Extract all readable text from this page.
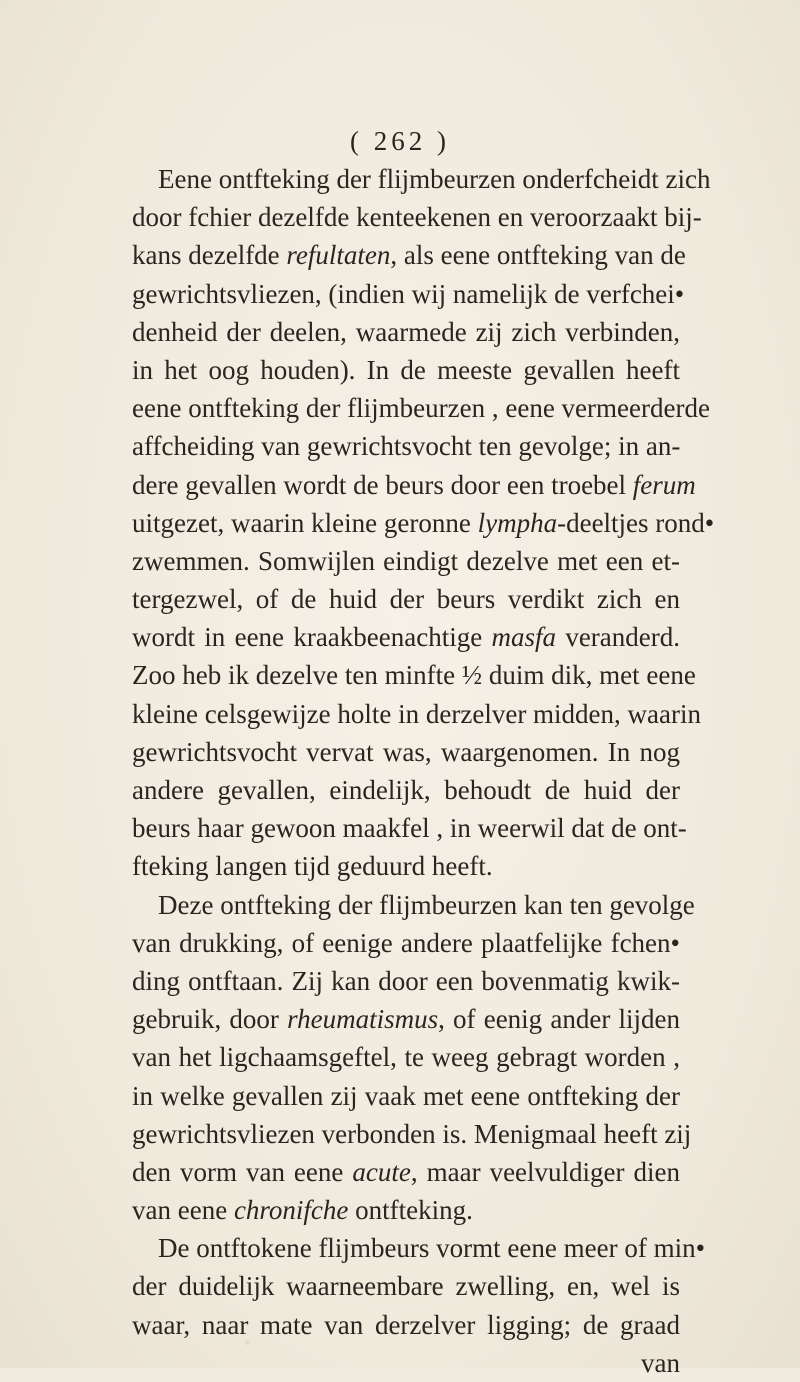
( 262 )
Eene ontfteking der flijmbeurzen onderfcheidt zich
door fchier dezelfde kenteekenen en veroorzaakt bij-
kans dezelfde refultaten, als eene ontfteking van de
gewrichtsvliezen, (indien wij namelijk de verfchei•
denheid der deelen, waarmede zij zich verbinden,
in het oog houden). In de meeste gevallen heeft
eene ontfteking der flijmbeurzen , eene vermeerderde
affcheiding van gewrichtsvocht ten gevolge; in an-
dere gevallen wordt de beurs door een troebel ferum
uitgezet, waarin kleine geronne lympha-deeltjes rond•
zwemmen. Somwijlen eindigt dezelve met een et-
tergezwel, of de huid der beurs verdikt zich en
wordt in eene kraakbeenachtige masfa veranderd.
Zoo heb ik dezelve ten minfte ½ duim dik, met eene
kleine celsgewijze holte in derzelver midden, waarin
gewrichtsvocht vervat was, waargenomen. In nog
andere gevallen, eindelijk, behoudt de huid der
beurs haar gewoon maakfel , in weerwil dat de ont-
fteking langen tijd geduurd heeft.
Deze ontfteking der flijmbeurzen kan ten gevolge
van drukking, of eenige andere plaatfelijke fchen•
ding ontftaan. Zij kan door een bovenmatig kwik-
gebruik, door rheumatismus, of eenig ander lijden
van het ligchaamsgeftel, te weeg gebragt worden ,
in welke gevallen zij vaak met eene ontfteking der
gewrichtsvliezen verbonden is. Menigmaal heeft zij
den vorm van eene acute, maar veelvuldiger dien
van eene chronifche ontfteking.
De ontftokene flijmbeurs vormt eene meer of min•
der duidelijk waarneembare zwelling, en, wel is
waar, naar mate van derzelver ligging; de graad
van
